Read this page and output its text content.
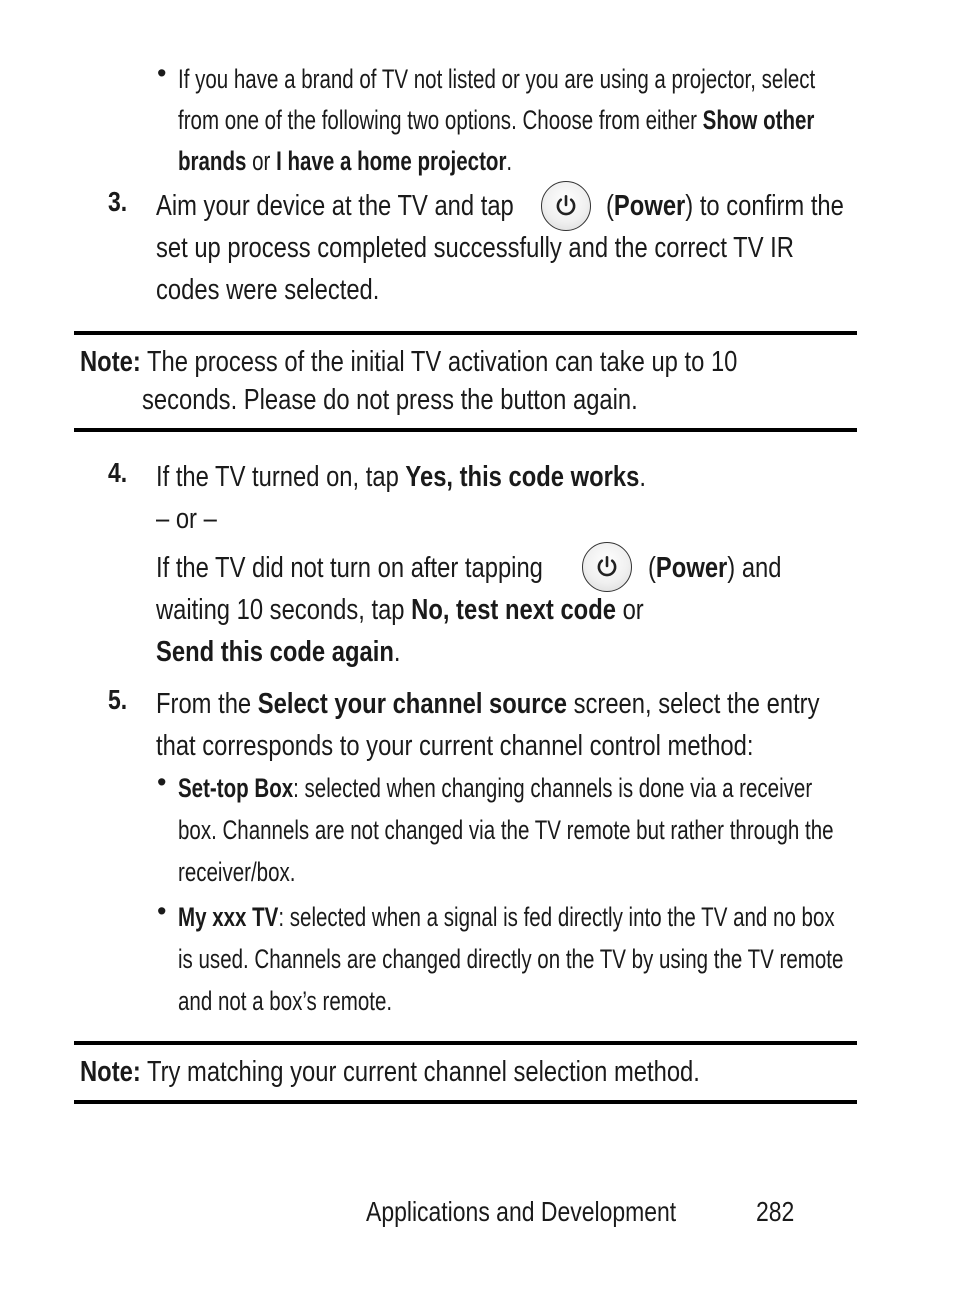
• If you have a brand of TV not listed or you are using a projector, select
from one of the following two options. Choose from either Show other
brands or I have a home projector.
3. Aim your device at the TV and tap	(Power) to confirm the
set up process completed successfully and the correct TV IR
codes were selected.
Note: The process of the initial TV activation can take up to 10
seconds. Please do not press the button again.
4. If the TV turned on, tap Yes, this code works.
– or –
If the TV did not turn on after tapping	(Power) and
waiting 10 seconds, tap No, test next code or
Send this code again.
5. From the Select your channel source screen, select the entry
that corresponds to your current channel control method:
• Set-top Box: selected when changing channels is done via a receiver
box. Channels are not changed via the TV remote but rather through the
receiver/box.
• My xxx TV: selected when a signal is fed directly into the TV and no box
is used. Channels are changed directly on the TV by using the TV remote
and not a box’s remote.
Note: Try matching your current channel selection method.
Applications and Development	282
